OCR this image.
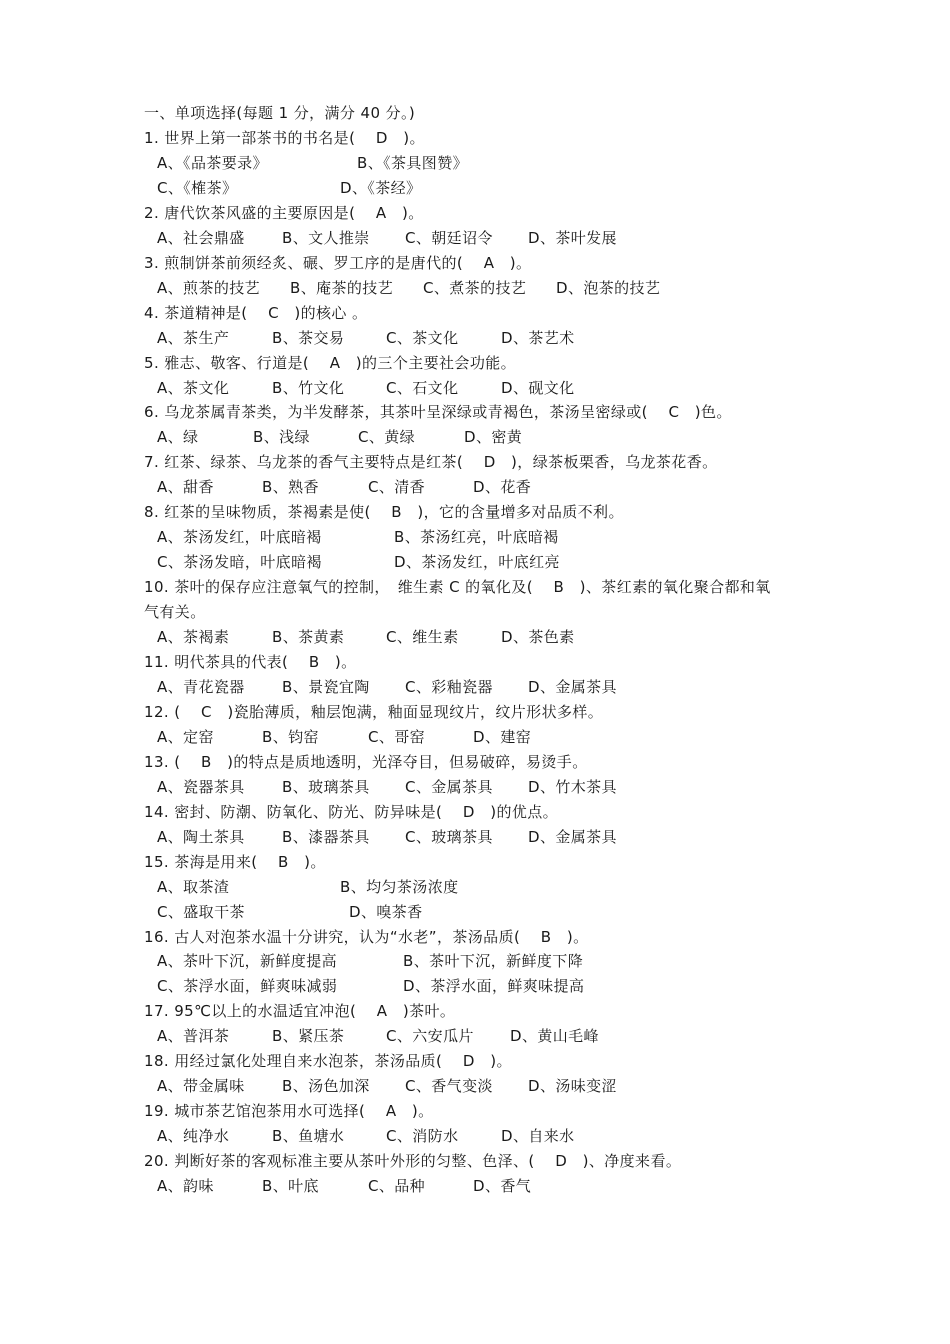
一、单项选择(每题 1 分，满分 40 分。)
1. 世界上第一部茶书的书名是(　 D　)。
A、《品茶要录》	B、《茶具图赞》
C、《榷茶》	D、《茶经》
2. 唐代饮茶风盛的主要原因是(　 A　)。
A、社会鼎盛 B、文人推崇 C、朝廷诏令 D、茶叶发展
3. 煎制饼茶前须经炙、碾、罗工序的是唐代的(　 A　)。
A、煎茶的技艺 B、庵茶的技艺 C、煮茶的技艺 D、泡茶的技艺
4. 茶道精神是(　 C　)的核心 。
A、茶生产	B、茶交易	C、茶文化	D、茶艺术
5. 雅志、敬客、行道是(　 A　)的三个主要社会功能。
A、茶文化	B、竹文化	C、石文化	D、砚文化
6. 乌龙茶属青茶类，为半发酵茶，其茶叶呈深绿或青褐色，茶汤呈密绿或(　 C　)色。
A、绿	B、浅绿	C、黄绿	D、密黄
7. 红茶、绿茶、乌龙茶的香气主要特点是红茶(　 D　)，绿茶板栗香，乌龙茶花香。
A、甜香	B、熟香	C、清香	D、花香
8. 红茶的呈味物质，茶褐素是使(　 B　)，它的含量增多对品质不利。
A、茶汤发红，叶底暗褐	B、茶汤红亮，叶底暗褐
C、茶汤发暗，叶底暗褐	D、茶汤发红，叶底红亮
10. 茶叶的保存应注意氧气的控制，　维生素 C 的氧化及(　 B　)、茶红素的氧化聚合都和氧
气有关。
A、茶褐素	B、茶黄素	C、维生素	D、茶色素
11. 明代茶具的代表(　 B　)。
A、青花瓷器 B、景瓷宜陶 C、彩釉瓷器 D、金属茶具
12. (　 C　)瓷胎薄质，釉层饱满，釉面显现纹片，纹片形状多样。
A、定窑	B、钧窑	C、哥窑	D、建窑
13. (　 B　)的特点是质地透明，光泽夺目，但易破碎，易烫手。
A、瓷器茶具 B、玻璃茶具 C、金属茶具 D、竹木茶具
14. 密封、防潮、防氧化、防光、防异味是(　 D　)的优点。
A、陶土茶具 B、漆器茶具 C、玻璃茶具 D、金属茶具
15. 茶海是用来(　 B　)。
A、取茶渣	B、均匀茶汤浓度
C、盛取干茶	D、嗅茶香
16. 古人对泡茶水温十分讲究，认为“水老”，茶汤品质(　 B　)。
A、茶叶下沉，新鲜度提高	B、茶叶下沉，新鲜度下降
C、茶浮水面，鲜爽味减弱	D、茶浮水面，鲜爽味提高
17. 95℃以上的水温适宜冲泡(　 A　)茶叶。
A、普洱茶	B、紧压茶	C、六安瓜片 D、黄山毛峰
18. 用经过氯化处理自来水泡茶，茶汤品质(　 D　)。
A、带金属味 B、汤色加深 C、香气变淡 D、汤味变涩
19. 城市茶艺馆泡茶用水可选择(　 A　)。
A、纯净水	B、鱼塘水	C、消防水	D、自来水
20. 判断好茶的客观标准主要从茶叶外形的匀整、色泽、(　 D　)、净度来看。
A、韵味	B、叶底	C、品种	D、香气
